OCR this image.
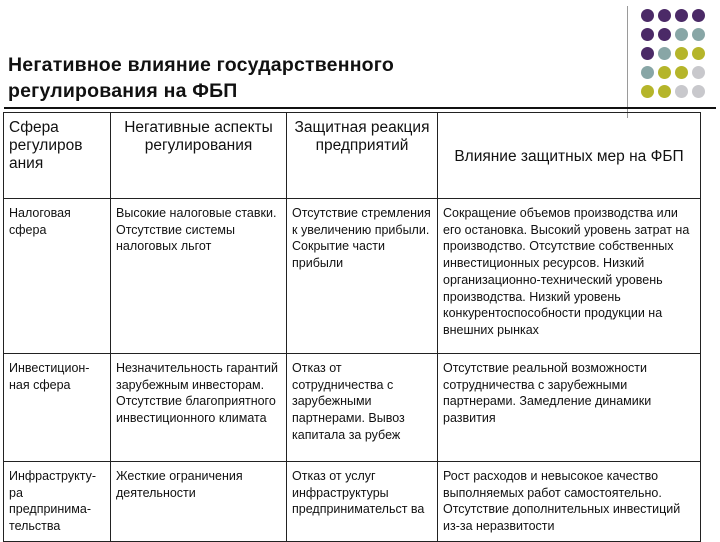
Негативное влияние государственного
регулирования на ФБП
Сфера регулиров ания	Негативные аспекты регулирования	Защитная реакция предприятий	Влияние защитных мер на ФБП
Налоговая сфера	Высокие налоговые ставки. Отсутствие системы налоговых льгот	Отсутствие стремления к увеличению прибыли. Сокрытие части прибыли	Сокращение объемов производства или его остановка. Высокий уровень затрат на производство. Отсутствие собственных инвестиционных ресурсов. Низкий организационно-технический уровень производства. Низкий уровень конкурентоспособности продукции на внешних рынках
Инвестицион-ная сфера	Незначительность гарантий зарубежным инвесторам. Отсутствие благоприятного инвестиционного климата	Отказ от сотрудничества с зарубежными партнерами. Вывоз капитала за рубеж	Отсутствие реальной возможности сотрудничества с зарубежными партнерами. Замедление динамики развития
Инфраструкту-ра предпринима-тельства	Жесткие ограничения деятельности	Отказ от услуг инфраструктуры предпринимательст ва	Рост расходов и невысокое качество выполняемых работ самостоятельно. Отсутствие дополнительных инвестиций из-за неразвитости
